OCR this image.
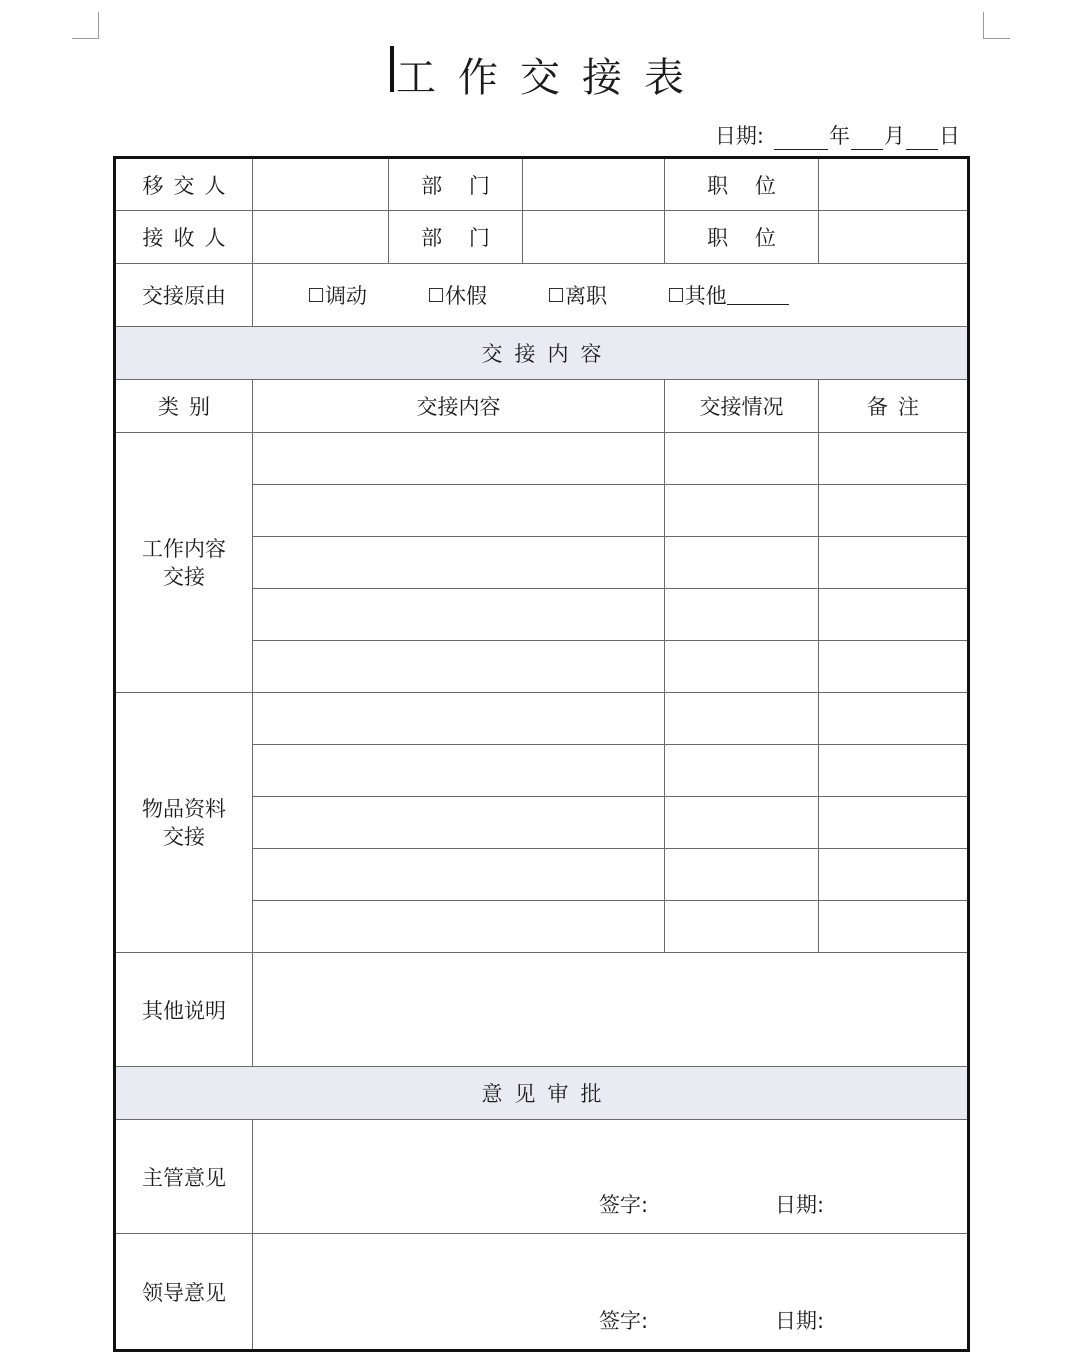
工作交接表
日期:	年 月 日
移交人		部    门		职    位	
接收人		部    门		职    位	
交接原由	调动 休假 离职 其他				

交接内容					
类别	交接内容			交接情况	备注

工作内容
交接					

物品资料
交接					

其他说明					
意见审批					
主管意见	签字: 日期:				

领导意见	签字: 日期:				
